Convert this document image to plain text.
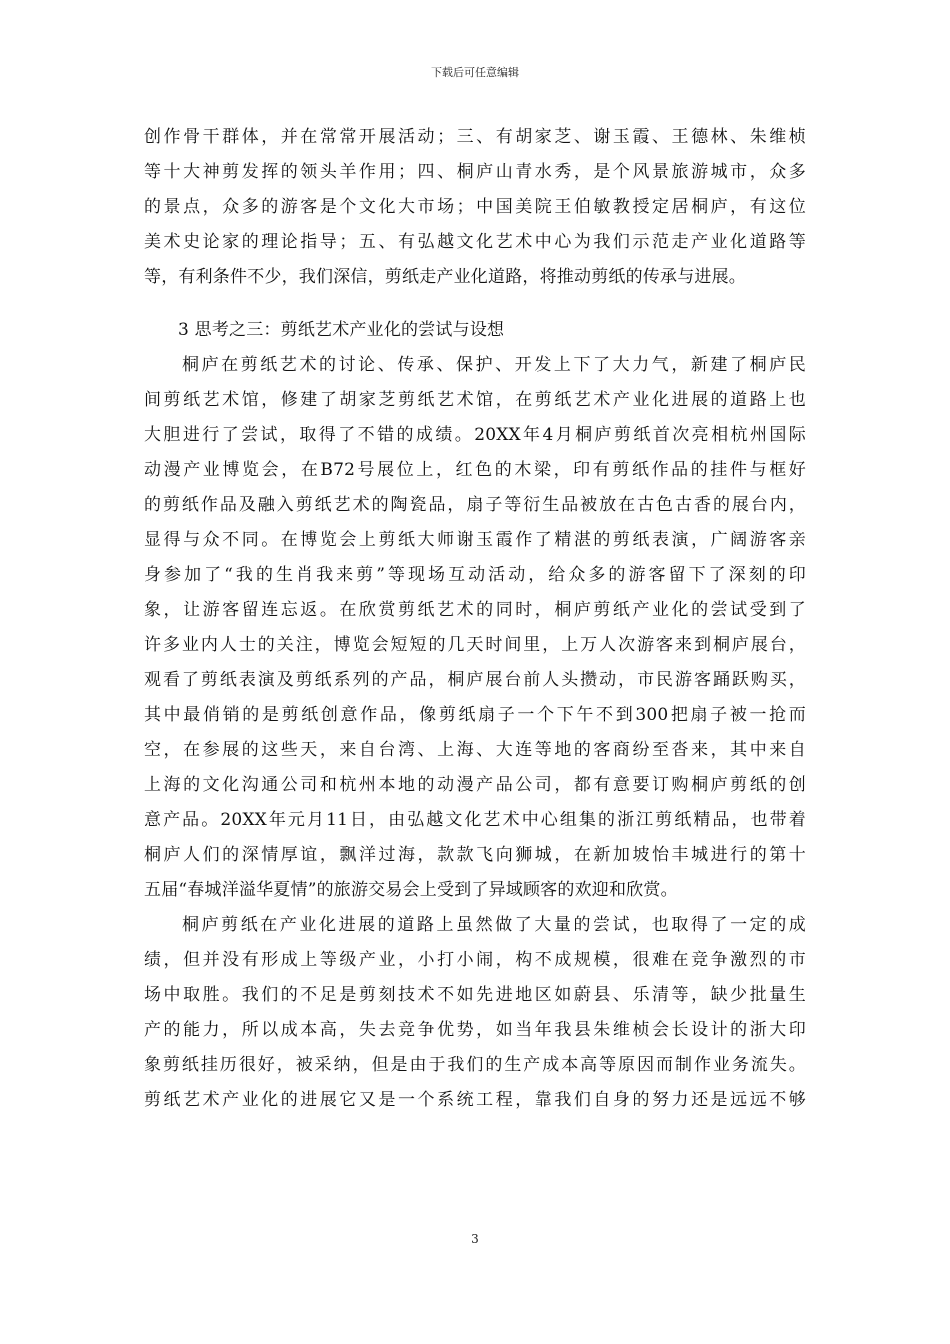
下载后可任意编辑
创作骨干群体，并在常常开展活动；三、有胡家芝、谢玉霞、王德林、朱维桢
等十大神剪发挥的领头羊作用；四、桐庐山青水秀，是个风景旅游城市，众多
的景点，众多的游客是个文化大市场；中国美院王伯敏教授定居桐庐，有这位
美术史论家的理论指导；五、有弘越文化艺术中心为我们示范走产业化道路等
等，有利条件不少，我们深信，剪纸走产业化道路，将推动剪纸的传承与进展。
3 思考之三：剪纸艺术产业化的尝试与设想
桐庐在剪纸艺术的讨论、传承、保护、开发上下了大力气，新建了桐庐民
间剪纸艺术馆，修建了胡家芝剪纸艺术馆，在剪纸艺术产业化进展的道路上也
大胆进行了尝试，取得了不错的成绩。20XX年4月桐庐剪纸首次亮相杭州国际
动漫产业博览会，在B72号展位上，红色的木梁，印有剪纸作品的挂件与框好
的剪纸作品及融入剪纸艺术的陶瓷品，扇子等衍生品被放在古色古香的展台内，
显得与众不同。在博览会上剪纸大师谢玉霞作了精湛的剪纸表演，广阔游客亲
身参加了“我的生肖我来剪”等现场互动活动，给众多的游客留下了深刻的印
象，让游客留连忘返。在欣赏剪纸艺术的同时，桐庐剪纸产业化的尝试受到了
许多业内人士的关注，博览会短短的几天时间里，上万人次游客来到桐庐展台，
观看了剪纸表演及剪纸系列的产品，桐庐展台前人头攒动，市民游客踊跃购买，
其中最俏销的是剪纸创意作品，像剪纸扇子一个下午不到300把扇子被一抢而
空，在参展的这些天，来自台湾、上海、大连等地的客商纷至沓来，其中来自
上海的文化沟通公司和杭州本地的动漫产品公司，都有意要订购桐庐剪纸的创
意产品。20XX年元月11日，由弘越文化艺术中心组集的浙江剪纸精品，也带着
桐庐人们的深情厚谊，飘洋过海，款款飞向狮城，在新加坡怡丰城进行的第十
五届“春城洋溢华夏情”的旅游交易会上受到了异域顾客的欢迎和欣赏。
桐庐剪纸在产业化进展的道路上虽然做了大量的尝试，也取得了一定的成
绩，但并没有形成上等级产业，小打小闹，构不成规模，很难在竞争激烈的市
场中取胜。我们的不足是剪刻技术不如先进地区如蔚县、乐清等，缺少批量生
产的能力，所以成本高，失去竞争优势，如当年我县朱维桢会长设计的浙大印
象剪纸挂历很好，被采纳，但是由于我们的生产成本高等原因而制作业务流失。
剪纸艺术产业化的进展它又是一个系统工程，靠我们自身的努力还是远远不够
3
